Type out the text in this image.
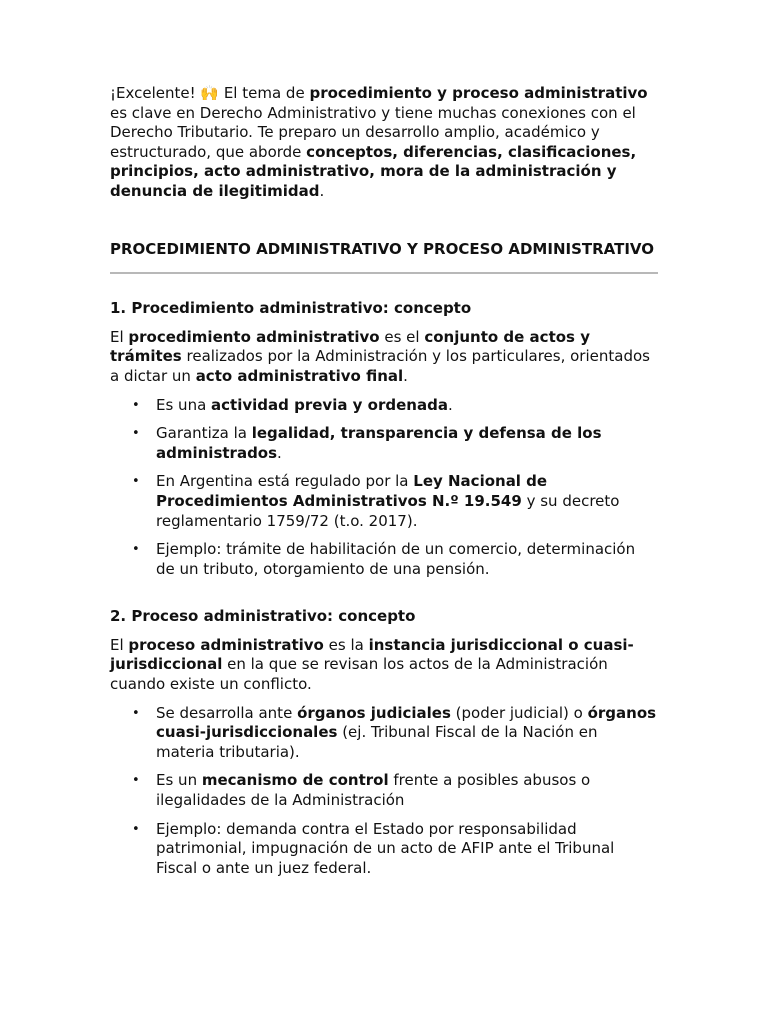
¡Excelente! 🙌 El tema de procedimiento y proceso administrativo es clave en Derecho Administrativo y tiene muchas conexiones con el Derecho Tributario. Te preparo un desarrollo amplio, académico y estructurado, que aborde conceptos, diferencias, clasificaciones, principios, acto administrativo, mora de la administración y denuncia de ilegitimidad.

PROCEDIMIENTO ADMINISTRATIVO Y PROCESO ADMINISTRATIVO

1. Procedimiento administrativo: concepto

El procedimiento administrativo es el conjunto de actos y trámites realizados por la Administración y los particulares, orientados a dictar un acto administrativo final.

• Es una actividad previa y ordenada.
• Garantiza la legalidad, transparencia y defensa de los administrados.
• En Argentina está regulado por la Ley Nacional de Procedimientos Administrativos N.º 19.549 y su decreto reglamentario 1759/72 (t.o. 2017).
• Ejemplo: trámite de habilitación de un comercio, determinación de un tributo, otorgamiento de una pensión.
2. Proceso administrativo: concepto

El proceso administrativo es la instancia jurisdiccional o cuasi-jurisdiccional en la que se revisan los actos de la Administración cuando existe un conflicto.

• Se desarrolla ante órganos judiciales (poder judicial) o órganos cuasi-jurisdiccionales (ej. Tribunal Fiscal de la Nación en materia tributaria).
• Es un mecanismo de control frente a posibles abusos o ilegalidades de la Administración
• Ejemplo: demanda contra el Estado por responsabilidad patrimonial, impugnación de un acto de AFIP ante el Tribunal Fiscal o ante un juez federal.
